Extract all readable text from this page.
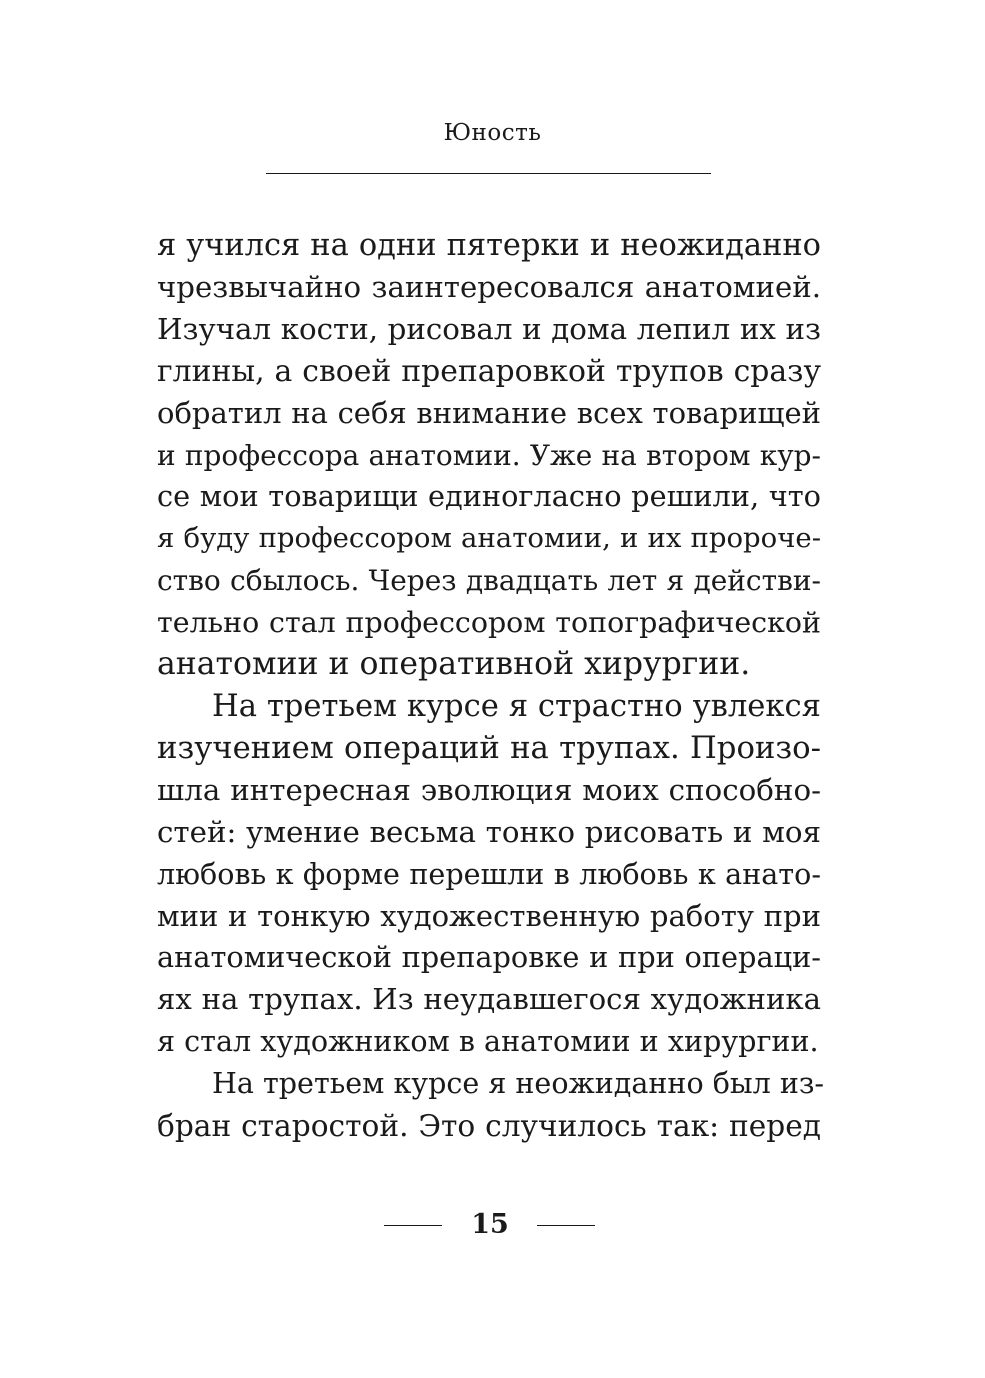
Юность
я учился на одни пятерки и неожиданно
чрезвычайно заинтересовался анатомией.
Изучал кости, рисовал и дома лепил их из
глины, а своей препаровкой трупов сразу
обратил на себя внимание всех товарищей
и профессора анатомии. Уже на втором кур-
се мои товарищи единогласно решили, что
я буду профессором анатомии, и их пророче-
ство сбылось. Через двадцать лет я действи-
тельно стал профессором топографической
анатомии и оперативной хирургии.
На третьем курсе я страстно увлекся
изучением операций на трупах. Произо-
шла интересная эволюция моих способно-
стей: умение весьма тонко рисовать и моя
любовь к форме перешли в любовь к анато-
мии и тонкую художественную работу при
анатомической препаровке и при операци-
ях на трупах. Из неудавшегося художника
я стал художником в анатомии и хирургии.
На третьем курсе я неожиданно был из-
бран старостой. Это случилось так: перед
15
